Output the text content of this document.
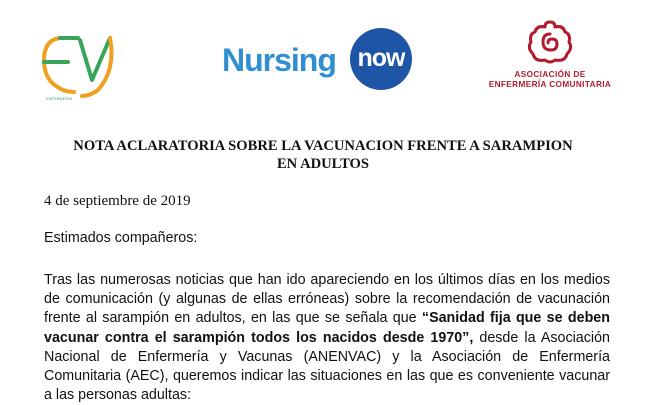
ENFERMERÍA
Nursing now
ASOCIACIÓN DE
ENFERMERÍA COMUNITARIA
NOTA ACLARATORIA SOBRE LA VACUNACION FRENTE A SARAMPION
EN ADULTOS
4 de septiembre de 2019
Estimados compañeros:
Tras las numerosas noticias que han ido apareciendo en los últimos días en los medios de comunicación (y algunas de ellas erróneas) sobre la recomendación de vacunación frente al sarampión en adultos, en las que se señala que “Sanidad fija que se deben vacunar contra el sarampión todos los nacidos desde 1970”, desde la Asociación Nacional de Enfermería y Vacunas (ANENVAC) y la Asociación de Enfermería Comunitaria (AEC), queremos indicar las situaciones en las que es conveniente vacunar a las personas adultas:
